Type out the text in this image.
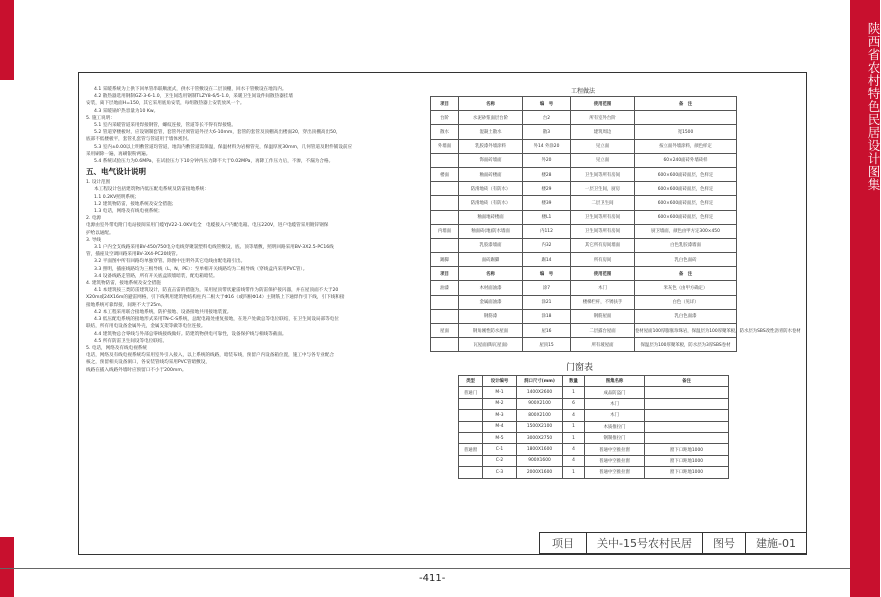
陕西省农村特色民居设计图集

4.1 采暖系统为上供下回单管串联顺流式，供水干管敷设在二层顶棚，回水干管敷设在地沟内。

4.2 散热器选用钢制GZ-3-6-1.0，卫生间选用钢制TLZY8-6/5-1.0，采暖卫生间设件间散热器挂墙

安装，离下层地面H=150，其它采用底角安装，每组散热器上安装放风一个。

4.3 采暖锅炉热容量为10 Kw。

5. 施工说明：

5.1 室内采暖管道采用焊接钢管，螺纹连接，管道等长不得有焊接缝。

5.2 管道穿楼板时，应设钢制套管，套管外径须管道外径大6-10mm，套管的套管及顶棚高出楼面20，穿出顶棚高出50，

底部不低楼板平，套管孔套管与管道用于墙体密封。

5.3 室内±0.00以上明敷管道均管道，地沟内敷管道需保温，保温材料为岩棉管壳，保温厚度30mm，几何管道及附件铺设前应

采用刷除一遍，再刷银粉两遍。

5.4 系统试验压力为0.6MPa，在试验压力下10分钟内压力降不大于0.02MPa，再降工作压力后，不渗，不漏为合格。

五、电气设计说明

1. 设计范围

本工程设计包括建筑物内低压配电系统及防雷接地系统：

1.1 0.2KV照明系统；

1.2 建筑物防雷，接地系统及安全措施；

1.3 电话，网络及有线电视系统；

2. 电源

电源由室外带电附门电站接阅采用门缆YJV22-1.0KV电全　电缆接入户内配电箱。电压220V，进户电缆管采用镀锌钢保

护给以通配。

3. 导线

3.1 户内全支线路采用BV-450/750电分电线穿聚氯塑料电线管敷设，底、顶等墙敷，照明回路采用BV-3X2.5-PC16线

管，插座及空调回路采用BV-3X4-PC20线管。

3.2 平面图中所有回路均单独穿管。除图中注明外其它电线由配电箱引出。

3.3 照明，插座线路均为三根导线（L，N，PE）：至单相开关线路均为二根导线（穿线盒内采用PVC管）。

3.4 设备线路走管路，所有开关底盒嵌墙暗装，配电箱暗装。

4. 建筑物防雷，接地系统及安全措施

4.1 本建筑按三类防雷建筑设计，防直击雷的措施为，采用屋顶带状避雷线带作为防雷保护接闪器，并在屋顶面不大于20

X20m或24X16m的避雷网格，引下线利用建筑物结构柱内二根大于Φ16（或四根Φ14）主钢筋上下通焊作引下线，引下线和接

接地系统可靠焊接，间距不大于25m。

4.2 本工程采用联合接地系统，防护接地、设备接地共用接地装置。

4.3 低压配电系统的接地形式采用TN-C-S系统，总配电箱处重复接地，在进户处做总等电位联结，在卫生间设局部等电位

联结，所有用电设备金属外壳，金属支架等做等电位连接。

4.4 建筑物总合零线与外部总零线接线做好。防建筑物供电可靠性，设备保护线与相线等截面。

4.5 所有防雷卫生间设等电位联结。

5. 电话，网络及有线电视系统

电话，网络及有线电视系统均采用室外引入接入，以上系统的线路，暗装布线，预留户内设备箱位置，施工中与各专业配合

核之，预留相关设备洞口，各安装管线均采用PVC管暗敷设，

线路在插入线路外墙时应预留口不小于200mm。

工程做法
项目	名称	编　号	使用范围	备　注
台阶	水泥砂浆面层台阶	台2	所有室外台阶	
散水	混凝土散水	散3	建筑周边	宽1500
外墙面	乳胶漆外墙涂料	外14 外涂20	见立面	按立面外墙涂料，颜色样定
	饰面砖墙面	外20	见立面	60×240面砖外墙砖样
楼面	釉面砖楼面	楼28	卫生间等所有房间	600×600面砖面层，色样定
	防滑地砖（有防水）	楼29	一层卫生间，厨房	600×600面砖面层，色样定
	防滑地砖（有防水）	楼39	二层卫生间	600×600面砖面层，色样定
	釉面地砖楼面	楼L1	卫生间等所有房间	600×600面砖面层，色样定
内墙面	釉面砖(地)防水墙面	内112	卫生间等所有房间	厨卫墙面，颜色由甲方定300×450
	乳胶漆墙面	内32	其它所有房间墙面	白色乳胶漆墙面
踢脚	面砖踢脚	踢14	所有房间	乳白色面砖
项目	名称	编　号	使用范围	备　注
油漆	木材面油漆	涂7	木门	米灰色（由甲方确定）
	金属面油漆	涂21	楼梯栏杆，不锈扶手	白色（见详）
	钢筋漆	涂18	钢筋屋面	乳白色面漆
屋面	钢角刚性防水屋面	屋16	二层露台屋面	卷材屋面100厚膨胀珍珠岩，保温层为100厚聚苯板，防水层为SBS改性沥青防水卷材
	瓦屋面(陶瓦屋面)	屋顶15	所有坡屋面	保温层为100厚聚苯板，防水层为3厚SBS卷材
门窗表
类型	设计编号	洞口尺寸(mm)	数量	图集名称	备注
普通门	M-1	1400X2600	1	成品防盗门	
	M-2	900X2100	6	木门	
	M-3	800X2100	4	木门	
	M-4	1500X2100	1	木质推拉门	
	M-5	3000X2750	1	钢制推拉门	
普通窗	C-1	1800X1600	4	普通中空推拉窗	窗下口距地1000
	C-2	900X1600	4	普通中空推拉窗	窗下口距地1000
	C-3	2000X1600	1	普通中空推拉窗	窗下口距地1000
项目	关中-15号农村民居	图号	建施-01
-411-
